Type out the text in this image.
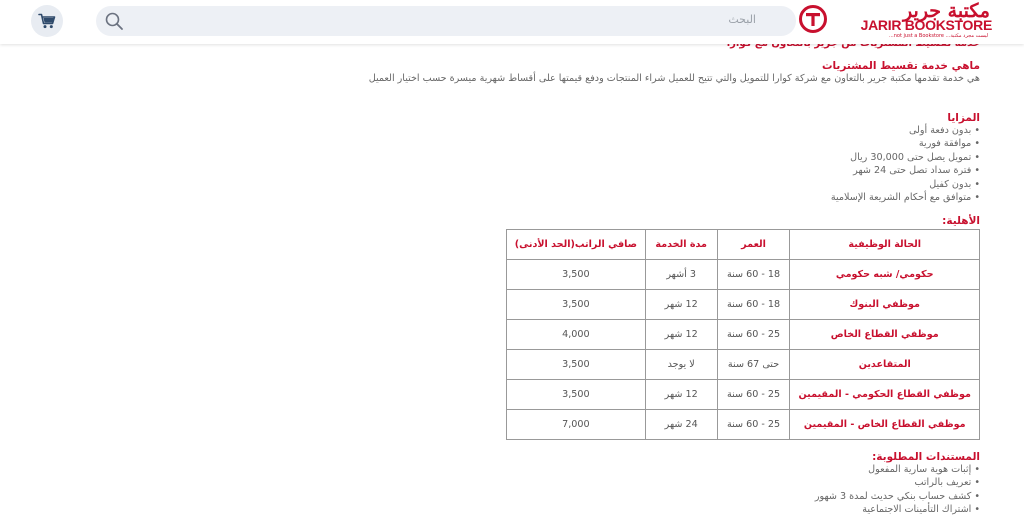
ماهي خدمة تقسيط المشتريات
هي خدمة تقدمها مكتبة جرير بالتعاون مع شركة كوارا للتمويل والتي تتيح للعميل شراء المنتجات ودفع قيمتها على أقساط شهرية ميسرة حسب اختيار العميل
المزايا
• بدون دفعة أولى
• موافقة فورية
• تمويل يصل حتى 30,000 ريال
• فترة سداد تصل حتى 24 شهر
• بدون كفيل
• متوافق مع أحكام الشريعة الإسلامية
الأهلية:
الحالة الوظيفية	العمر	مدة الخدمة	صافي الراتب(الحد الأدنى)
حكومي/ شبه حكومي	18 - 60 سنة	3 أشهر	3,500
موظفي البنوك	18 - 60 سنة	12 شهر	3,500
موظفي القطاع الخاص	25 - 60 سنة	12 شهر	4,000
المتقاعدين	حتى 67 سنة	لا يوجد	3,500
موظفي القطاع الحكومي - المقيمين	25 - 60 سنة	12 شهر	3,500
موظفي القطاع الخاص - المقيمين	25 - 60 سنة	24 شهر	7,000
المستندات المطلوبة:
• إثبات هوية سارية المفعول
• تعريف بالراتب
• كشف حساب بنكي حديث لمدة 3 شهور
• اشتراك التأمينات الاجتماعية
البحث	مكتبة جرير
JARIR BOOKSTORE
...not just a Bookstore ...ليست مجرد مكتبة
